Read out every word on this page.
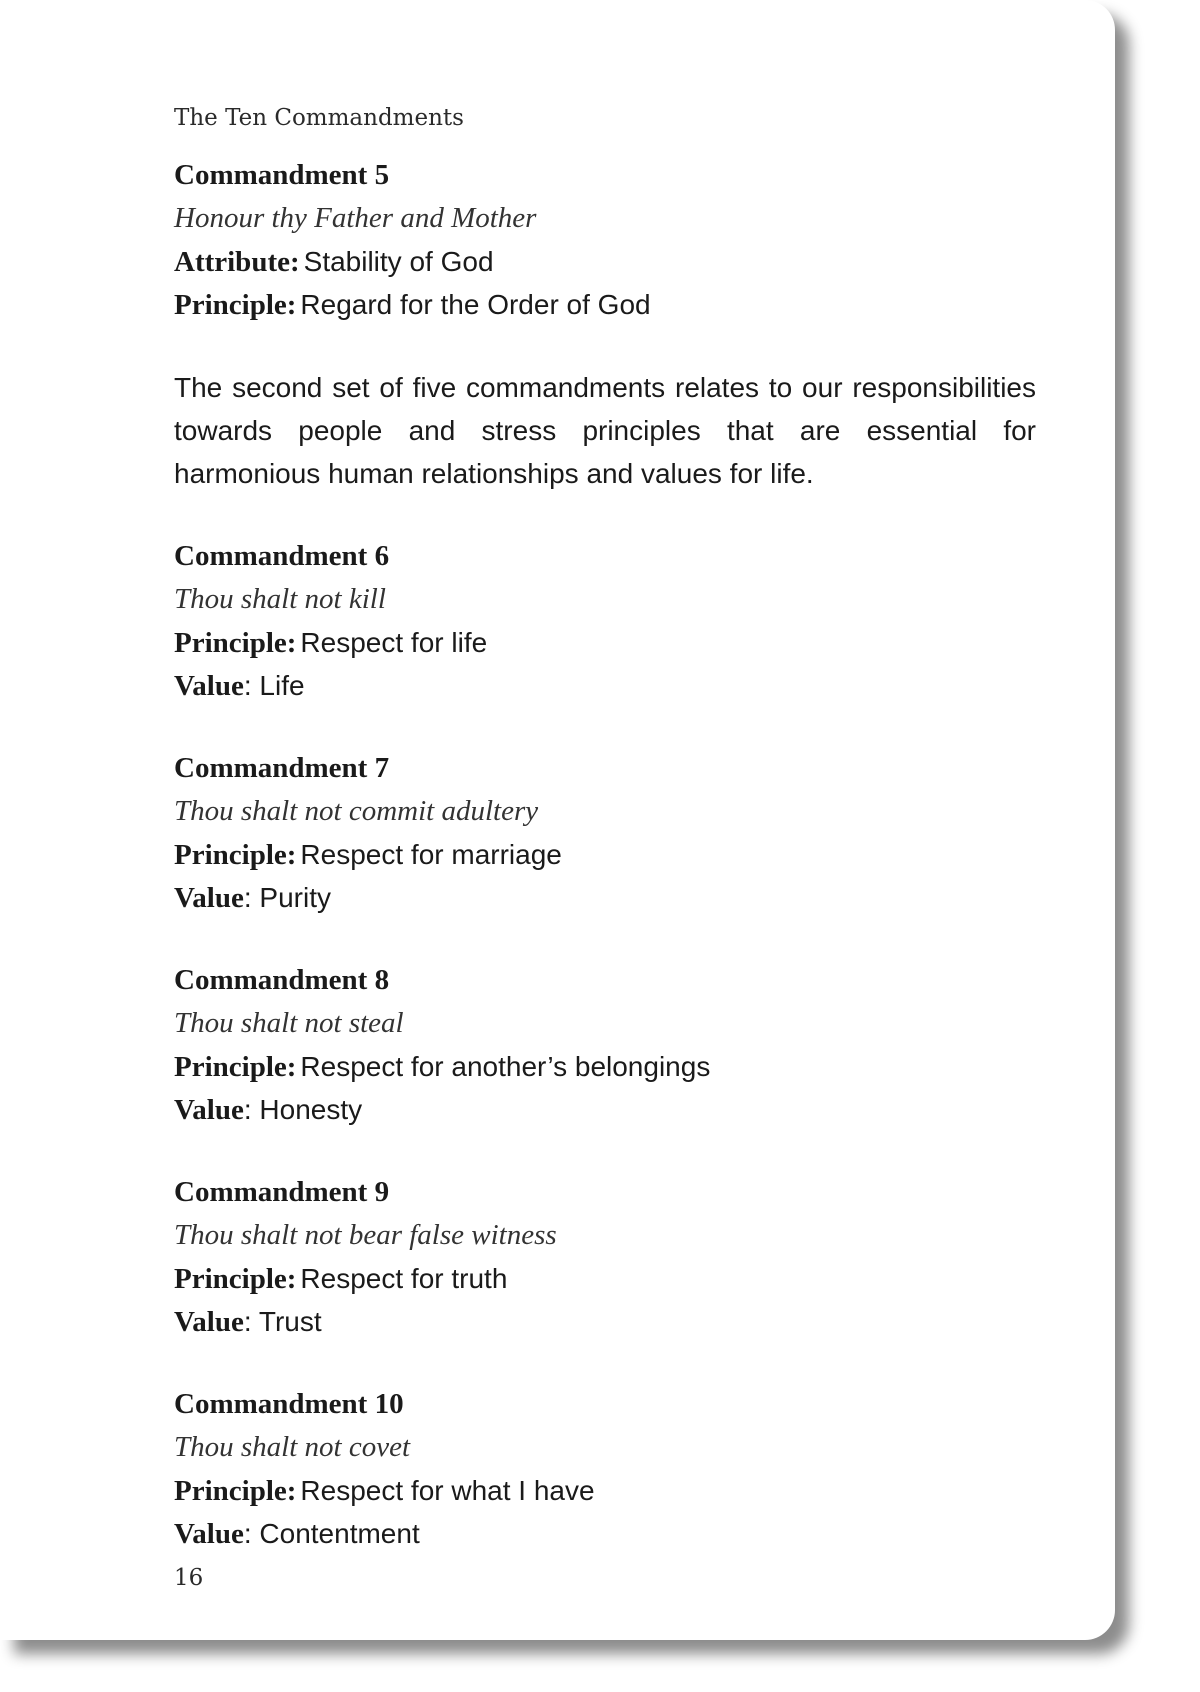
The Ten Commandments
Commandment 5
Honour thy Father and Mother
Attribute: Stability of God
Principle: Regard for the Order of God

The second set of five commandments relates to our responsibilities towards people and stress principles that are essential for harmonious human relationships and values for life.

Commandment 6
Thou shalt not kill
Principle: Respect for life
Value: Life
Commandment 7
Thou shalt not commit adultery
Principle: Respect for marriage
Value: Purity
Commandment 8
Thou shalt not steal
Principle: Respect for another’s belongings
Value: Honesty
Commandment 9
Thou shalt not bear false witness
Principle: Respect for truth
Value: Trust
Commandment 10
Thou shalt not covet
Principle: Respect for what I have
Value: Contentment
16
